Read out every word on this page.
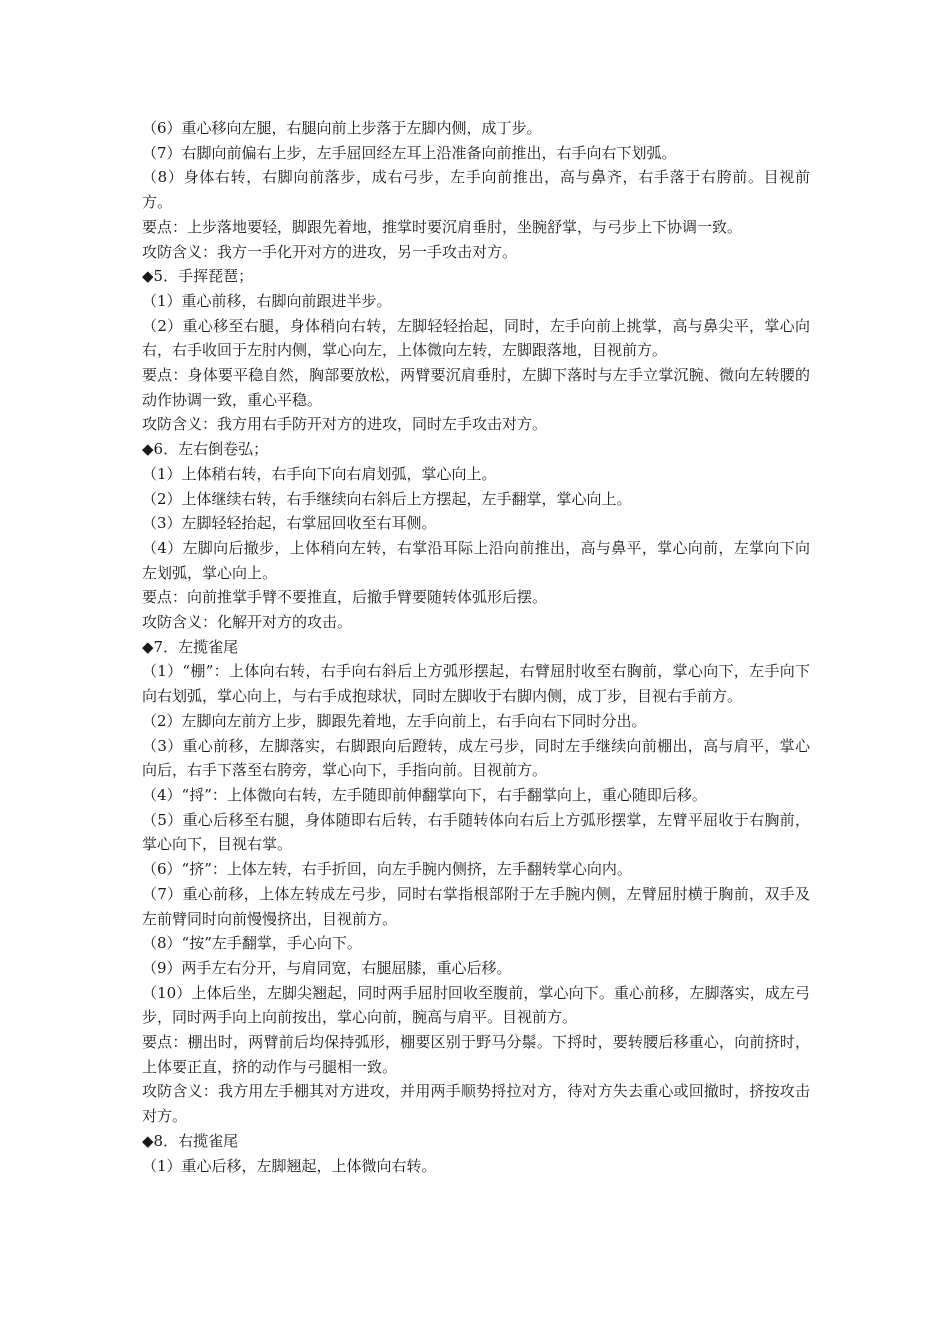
（6）重心移向左腿，右腿向前上步落于左脚内侧，成丁步。

（7）右脚向前偏右上步，左手屈回经左耳上沿准备向前推出，右手向右下划弧。

（8）身体右转，右脚向前落步，成右弓步，左手向前推出，高与鼻齐，右手落于右胯前。目视前方。

要点：上步落地要轻，脚跟先着地，推掌时要沉肩垂肘，坐腕舒掌，与弓步上下协调一致。

攻防含义：我方一手化开对方的进攻，另一手攻击对方。

◆5．手挥琵琶；

（1）重心前移，右脚向前跟进半步。

（2）重心移至右腿，身体稍向右转，左脚轻轻抬起，同时，左手向前上挑掌，高与鼻尖平，掌心向右，右手收回于左肘内侧，掌心向左，上体微向左转，左脚跟落地，目视前方。

要点：身体要平稳自然，胸部要放松，两臂要沉肩垂肘，左脚下落时与左手立掌沉腕、微向左转腰的动作协调一致，重心平稳。

攻防含义：我方用右手防开对方的进攻，同时左手攻击对方。

◆6．左右倒卷弘；

（1）上体稍右转，右手向下向右肩划弧，掌心向上。

（2）上体继续右转，右手继续向右斜后上方摆起，左手翻掌，掌心向上。

（3）左脚轻轻抬起，右掌屈回收至右耳侧。

（4）左脚向后撤步，上体稍向左转，右掌沿耳际上沿向前推出，高与鼻平，掌心向前，左掌向下向左划弧，掌心向上。

要点：向前推掌手臂不要推直，后撤手臂要随转体弧形后摆。

攻防含义：化解开对方的攻击。

◆7．左揽雀尾

（1）“棚”：上体向右转，右手向右斜后上方弧形摆起，右臂屈肘收至右胸前，掌心向下，左手向下向右划弧，掌心向上，与右手成抱球状，同时左脚收于右脚内侧，成丁步，目视右手前方。

（2）左脚向左前方上步，脚跟先着地，左手向前上，右手向右下同时分出。

（3）重心前移，左脚落实，右脚跟向后蹬转，成左弓步，同时左手继续向前棚出，高与肩平，掌心向后，右手下落至右胯旁，掌心向下，手指向前。目视前方。

（4）“捋”：上体微向右转，左手随即前伸翻掌向下，右手翻掌向上，重心随即后移。

（5）重心后移至右腿，身体随即右后转，右手随转体向右后上方弧形摆掌，左臂平屈收于右胸前，掌心向下，目视右掌。

（6）“挤”：上体左转，右手折回，向左手腕内侧挤，左手翻转掌心向内。

（7）重心前移，上体左转成左弓步，同时右掌指根部附于左手腕内侧，左臂屈肘横于胸前，双手及左前臂同时向前慢慢挤出，目视前方。

（8）“按”左手翻掌，手心向下。

（9）两手左右分开，与肩同宽，右腿屈膝，重心后移。

（10）上体后坐，左脚尖翘起，同时两手屈肘回收至腹前，掌心向下。重心前移，左脚落实，成左弓步，同时两手向上向前按出，掌心向前，腕高与肩平。目视前方。

要点：棚出时，两臂前后均保持弧形，棚要区别于野马分鬃。下捋时，要转腰后移重心，向前挤时，上体要正直，挤的动作与弓腿相一致。

攻防含义：我方用左手棚其对方进攻，并用两手顺势捋拉对方，待对方失去重心或回撤时，挤按攻击对方。

◆8．右揽雀尾

（1）重心后移，左脚翘起，上体微向右转。
